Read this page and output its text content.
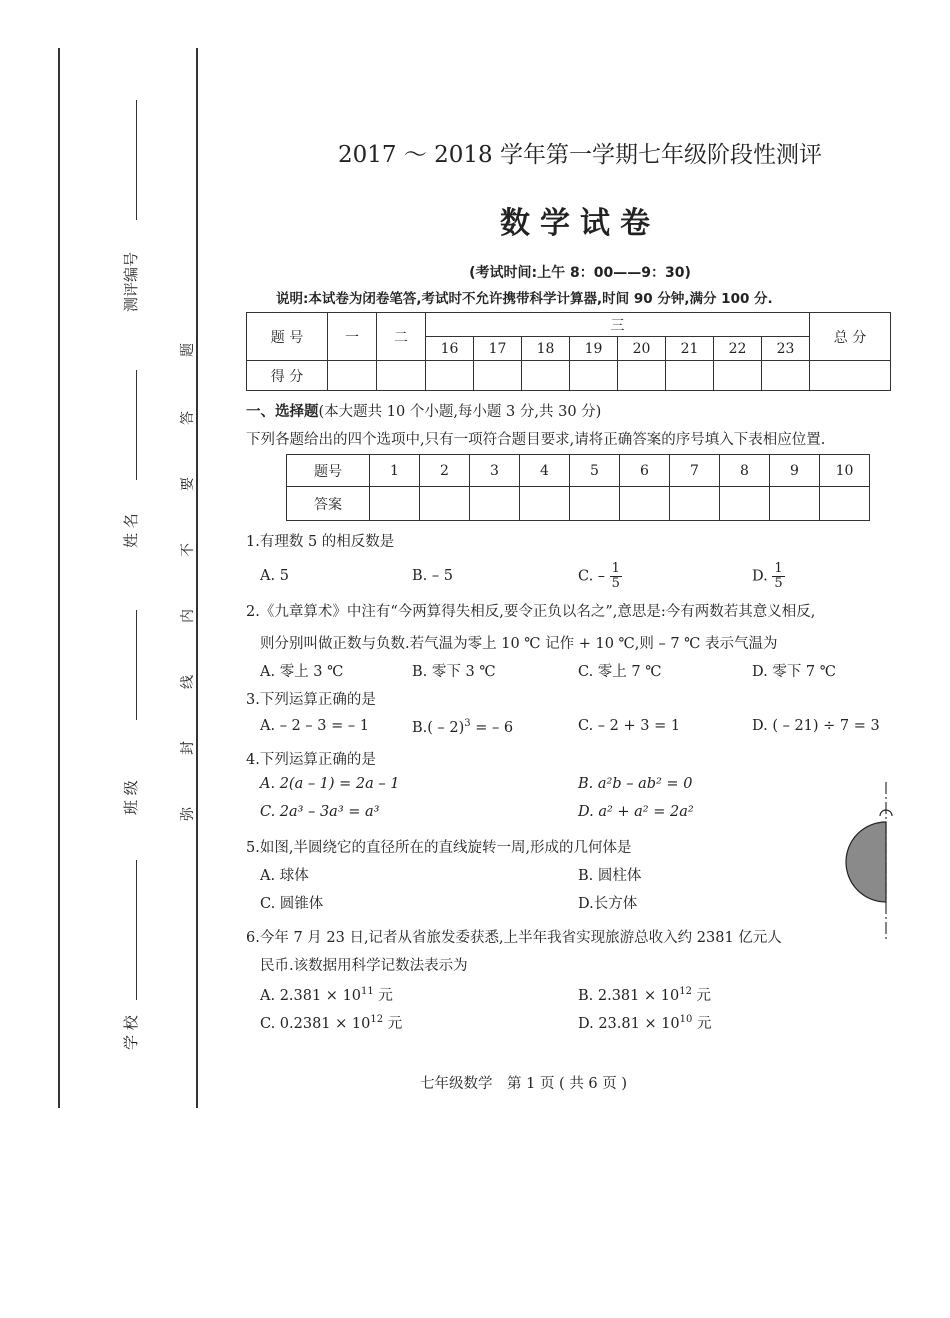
测评编号
姓 名
班 级
学 校
题
答
要
不
内
线
封
弥
2017 ～ 2018 学年第一学期七年级阶段性测评
数学试卷
(考试时间:上午 8：00——9：30)
说明:本试卷为闭卷笔答,考试时不允许携带科学计算器,时间 90 分钟,满分 100 分.
题 号	一	二	三								总 分
			16	17	18	19	20	21	22	23	
得 分											
一、选择题(本大题共 10 个小题,每小题 3 分,共 30 分)
下列各题给出的四个选项中,只有一项符合题目要求,请将正确答案的序号填入下表相应位置.
题号	1	2	3	4	5	6	7	8	9	10
答案										
1.有理数 5 的相反数是
A. 5	B. – 5	C. – $\frac{1}{5}$	D. $\frac{1}{5}$
2.《九章算术》中注有“今两算得失相反,要令正负以名之”,意思是:今有两数若其意义相反,
则分别叫做正数与负数.若气温为零上 10 ℃ 记作 + 10 ℃,则 – 7 ℃ 表示气温为
A. 零上 3 ℃	B. 零下 3 ℃	C. 零上 7 ℃	D. 零下 7 ℃
3.下列运算正确的是
A. – 2 – 3 = – 1	B.( – 2)$^3$ = – 6	C. – 2 + 3 = 1	D. ( – 21) ÷ 7 = 3
4.下列运算正确的是
A. 2(a – 1) = 2a – 1	B. a²b – ab² = 0
C. 2a³ – 3a³ = a³	D. a² + a² = 2a²
5.如图,半圆绕它的直径所在的直线旋转一周,形成的几何体是
A. 球体	B. 圆柱体
C. 圆锥体	D.长方体
6.今年 7 月 23 日,记者从省旅发委获悉,上半年我省实现旅游总收入约 2381 亿元人
民币.该数据用科学记数法表示为
A. $2.381 \times 10^{11}$ 元	B. $2.381 \times 10^{12}$ 元
C. $0.2381 \times 10^{12}$ 元	D. $23.81 \times 10^{10}$ 元
七年级数学　第 1 页 ( 共 6 页 )
